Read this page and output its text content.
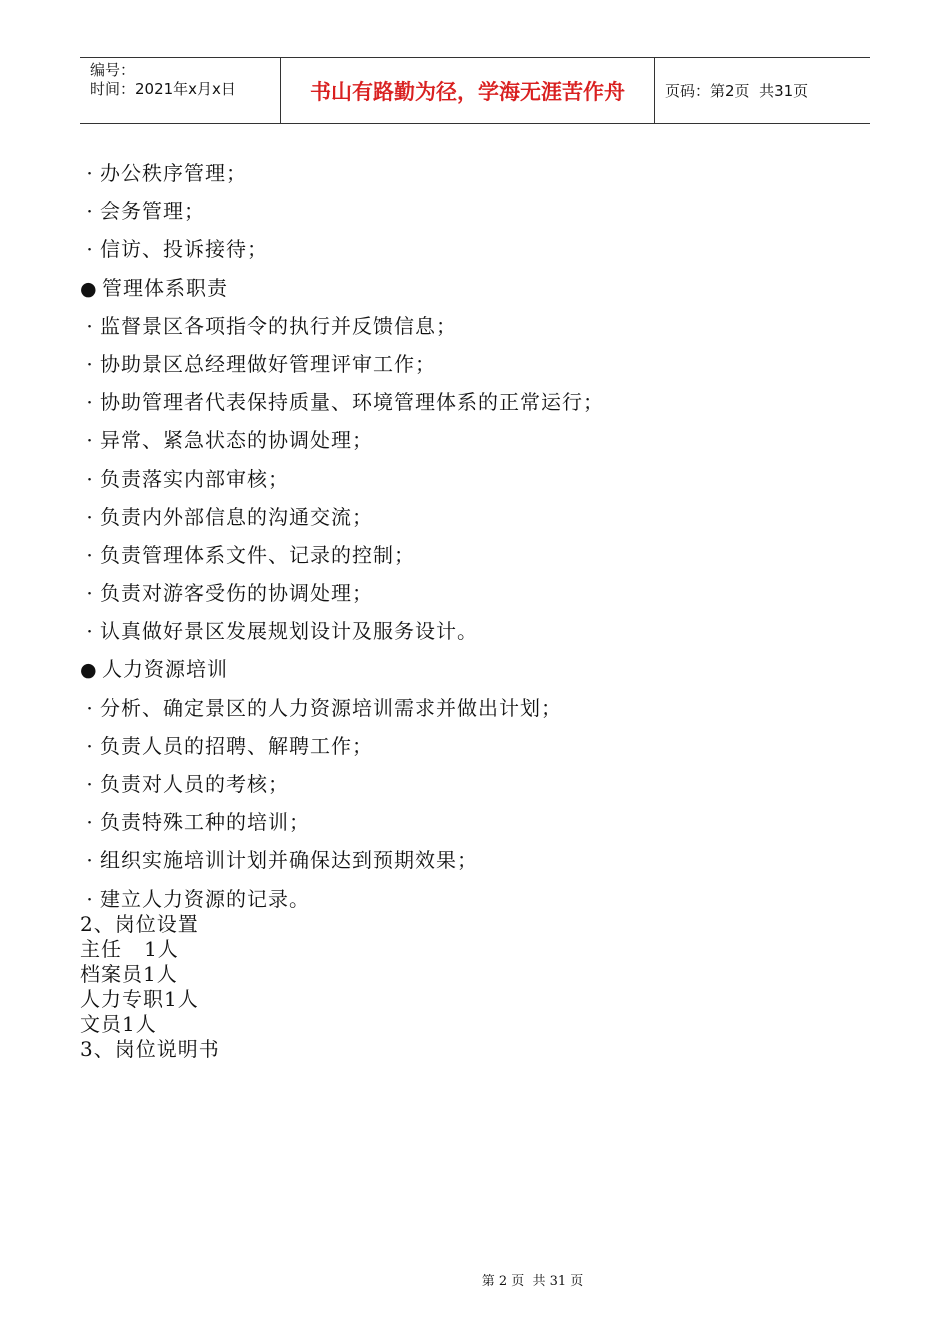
编号：
时间：2021年x月x日	书山有路勤为径，学海无涯苦作舟	页码：第2页  共31页
· 办公秩序管理；
· 会务管理；
· 信访、投诉接待；
● 管理体系职责
· 监督景区各项指令的执行并反馈信息；
· 协助景区总经理做好管理评审工作；
· 协助管理者代表保持质量、环境管理体系的正常运行；
· 异常、紧急状态的协调处理；
· 负责落实内部审核；
· 负责内外部信息的沟通交流；
· 负责管理体系文件、记录的控制；
· 负责对游客受伤的协调处理；
· 认真做好景区发展规划设计及服务设计。
● 人力资源培训
· 分析、确定景区的人力资源培训需求并做出计划；
· 负责人员的招聘、解聘工作；
· 负责对人员的考核；
· 负责特殊工种的培训；
· 组织实施培训计划并确保达到预期效果；
· 建立人力资源的记录。
2、岗位设置
主任   1人
档案员1人
人力专职1人
文员1人
3、岗位说明书
第 2 页  共 31 页
